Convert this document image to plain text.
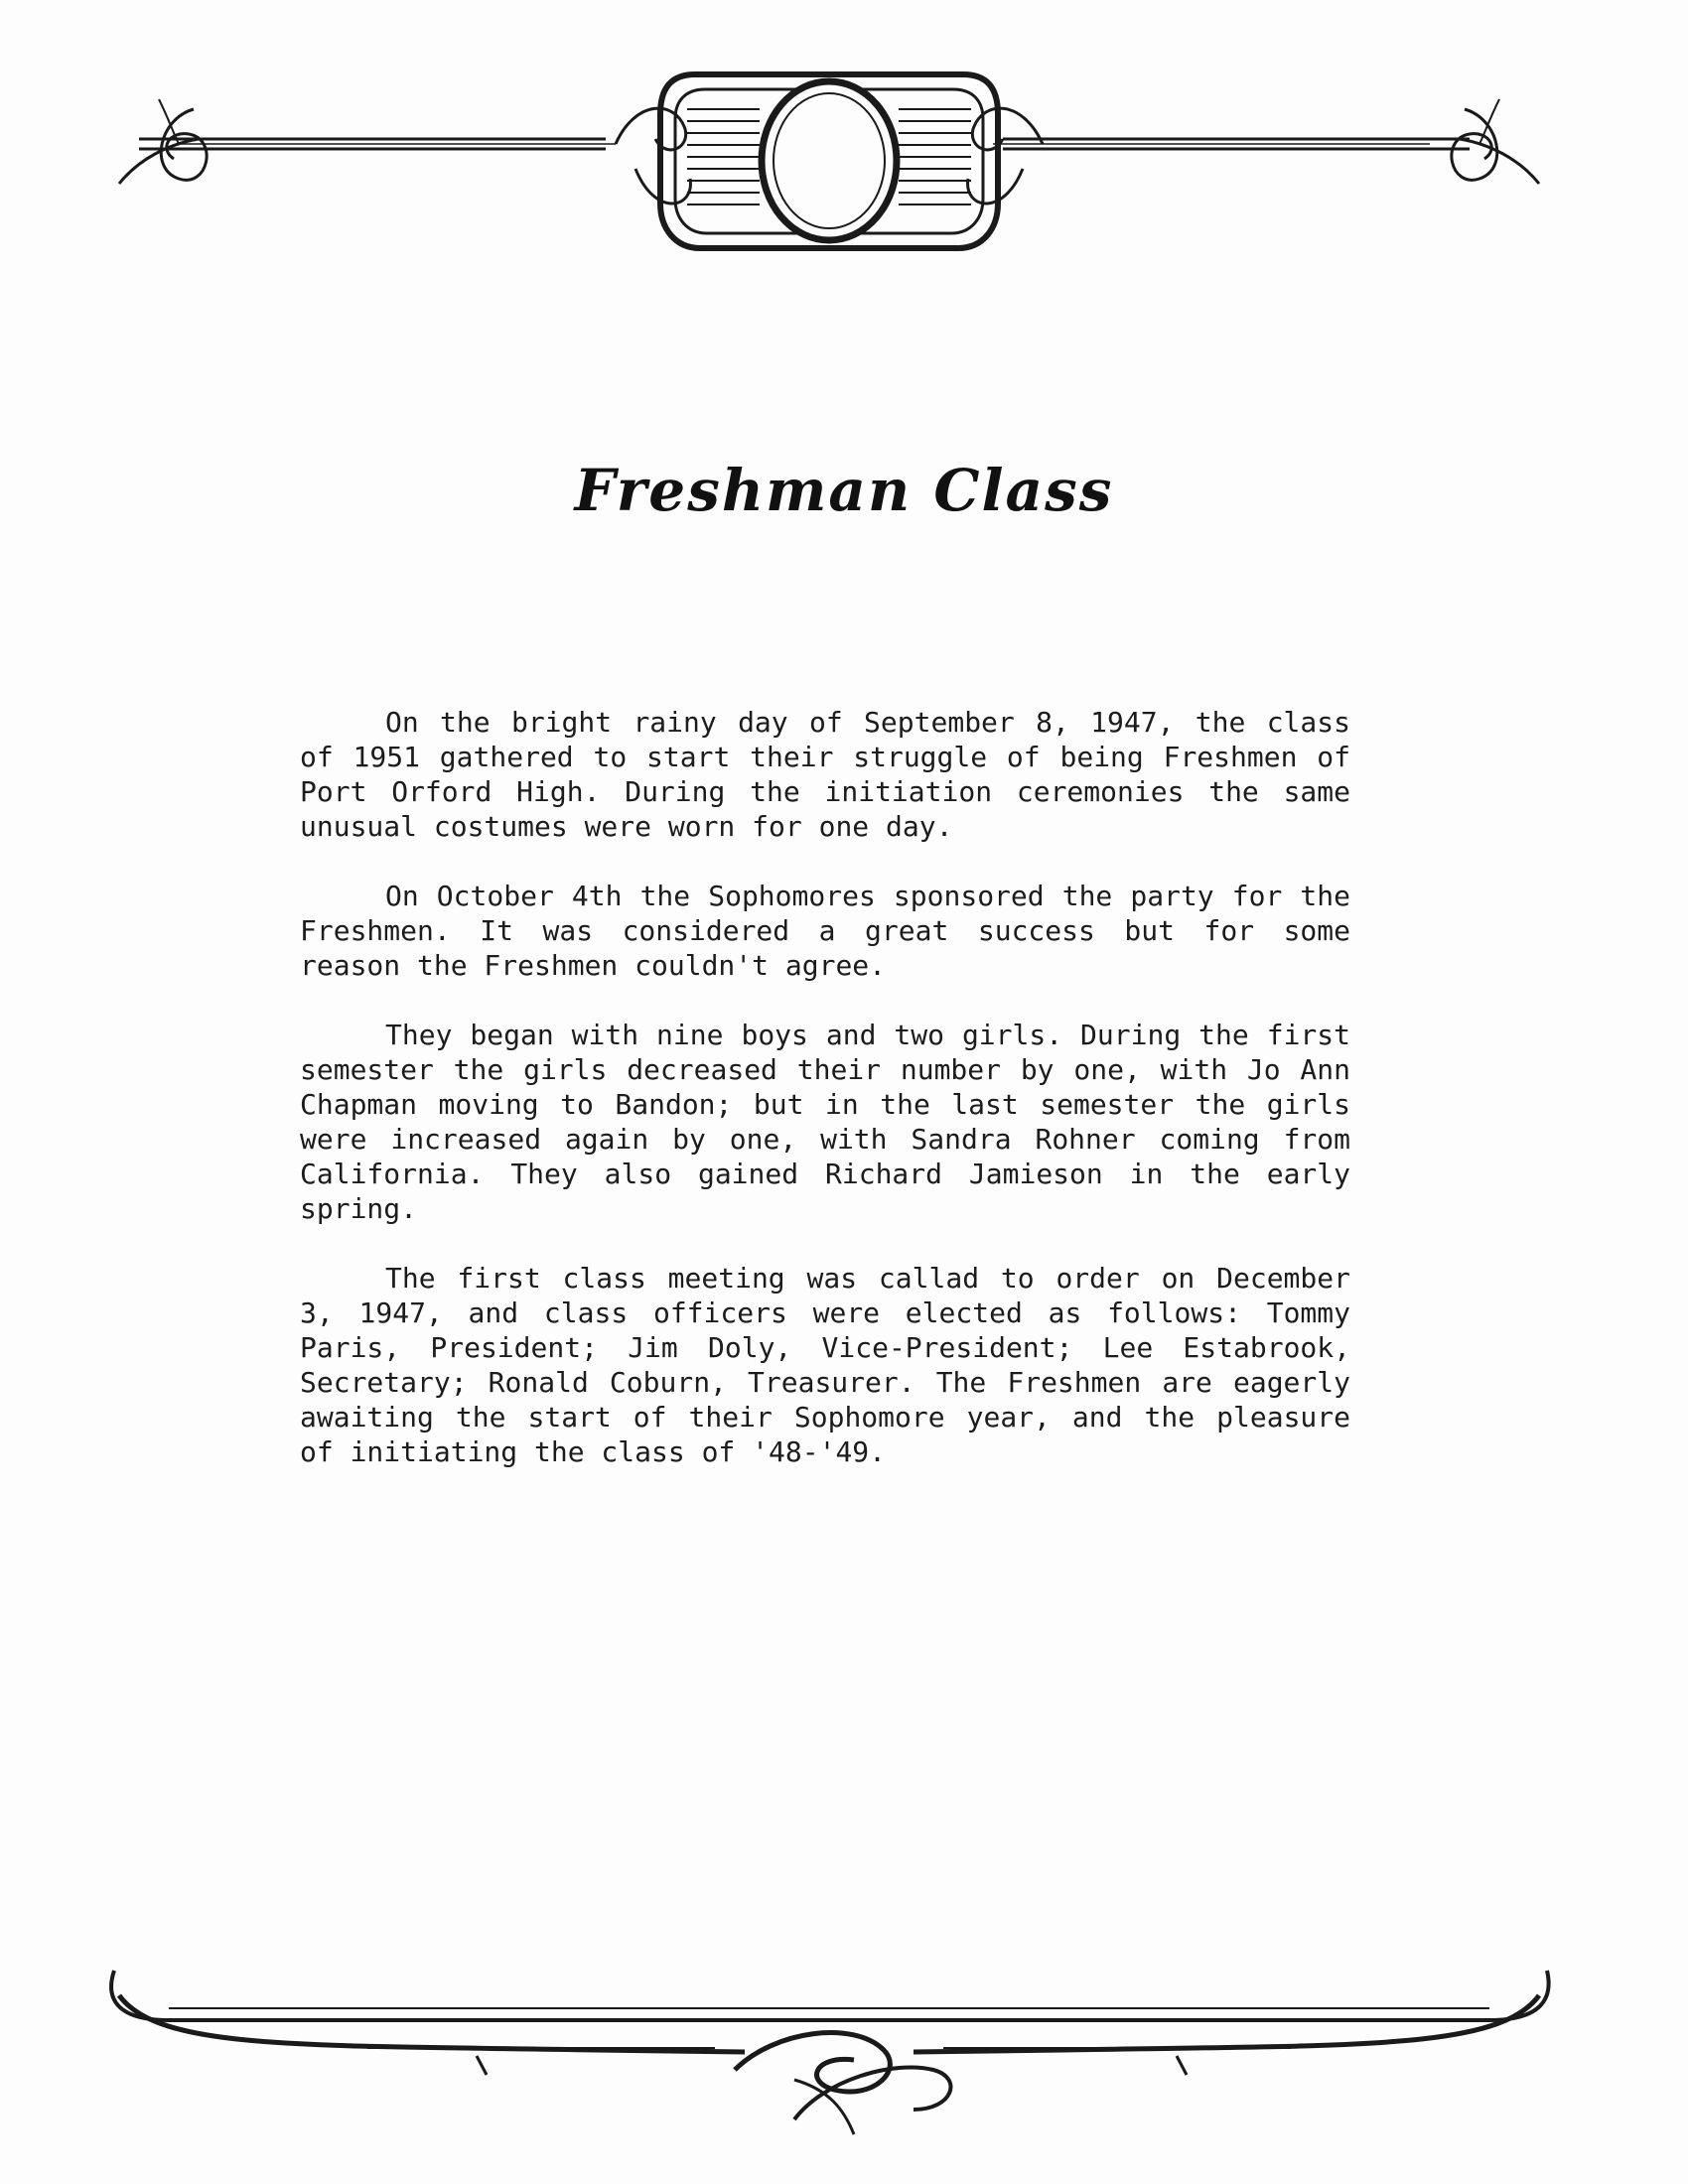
Freshman Class

On the bright rainy day of September 8, 1947, the class of 1951 gathered to start their struggle of being Freshmen of Port Orford High. During the initiation ceremonies the same unusual costumes were worn for one day.

On October 4th the Sophomores sponsored the party for the Freshmen. It was considered a great success but for some reason the Freshmen couldn't agree.

They began with nine boys and two girls. During the first semester the girls decreased their number by one, with Jo Ann Chapman moving to Bandon; but in the last semester the girls were increased again by one, with Sandra Rohner coming from California. They also gained Richard Jamieson in the early spring.

The first class meeting was callad to order on December 3, 1947, and class officers were elected as follows: Tommy Paris, President; Jim Doly, Vice-President; Lee Estabrook, Secretary; Ronald Coburn, Treasurer. The Freshmen are eagerly awaiting the start of their Sophomore year, and the pleasure of initiating the class of '48-'49.
